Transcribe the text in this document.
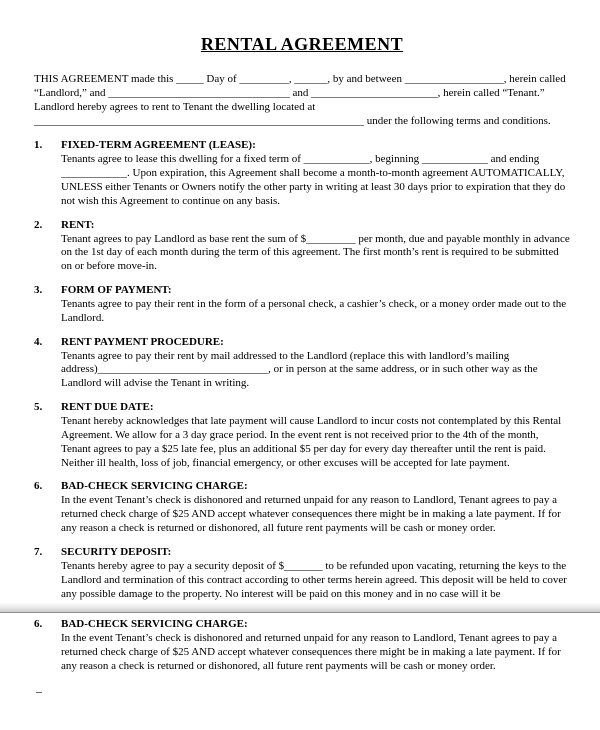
RENTAL AGREEMENT

THIS AGREEMENT made this _____ Day of _________, ______, by and between __________________, herein called “Landlord,” and _________________________________ and _______________________, herein called “Tenant.” Landlord hereby agrees to rent to Tenant the dwelling located at ____________________________________________________________ under the following terms and conditions.

1.	FIXED-TERM AGREEMENT (LEASE):
Tenants agree to lease this dwelling for a fixed term of ____________, beginning ____________ and ending ____________. Upon expiration, this Agreement shall become a month-to-month agreement AUTOMATICALLY, UNLESS either Tenants or Owners notify the other party in writing at least 30 days prior to expiration that they do not wish this Agreement to continue on any basis.
2.	RENT:
Tenant agrees to pay Landlord as base rent the sum of $_________ per month, due and payable monthly in advance on the 1st day of each month during the term of this agreement. The first month’s rent is required to be submitted on or before move-in.
3.	FORM OF PAYMENT:
Tenants agree to pay their rent in the form of a personal check, a cashier’s check, or a money order made out to the Landlord.
4.	RENT PAYMENT PROCEDURE:
Tenants agree to pay their rent by mail addressed to the Landlord (replace this with landlord’s mailing address)_______________________________, or in person at the same address, or in such other way as the Landlord will advise the Tenant in writing.
5.	RENT DUE DATE:
Tenant hereby acknowledges that late payment will cause Landlord to incur costs not contemplated by this Rental Agreement. We allow for a 3 day grace period. In the event rent is not received prior to the 4th of the month, Tenant agrees to pay a $25 late fee, plus an additional $5 per day for every day thereafter until the rent is paid. Neither ill health, loss of job, financial emergency, or other excuses will be accepted for late payment.
6.	BAD-CHECK SERVICING CHARGE:
In the event Tenant’s check is dishonored and returned unpaid for any reason to Landlord, Tenant agrees to pay a returned check charge of $25 AND accept whatever consequences there might be in making a late payment. If for any reason a check is returned or dishonored, all future rent payments will be cash or money order.
7.	SECURITY DEPOSIT:
Tenants hereby agree to pay a security deposit of $_______ to be refunded upon vacating, returning the keys to the Landlord and termination of this contract according to other terms herein agreed. This deposit will be held to cover any possible damage to the property. No interest will be paid on this money and in no case will it be
6.	BAD-CHECK SERVICING CHARGE:
In the event Tenant’s check is dishonored and returned unpaid for any reason to Landlord, Tenant agrees to pay a returned check charge of $25 AND accept whatever consequences there might be in making a late payment. If for any reason a check is returned or dishonored, all future rent payments will be cash or money order.
–
